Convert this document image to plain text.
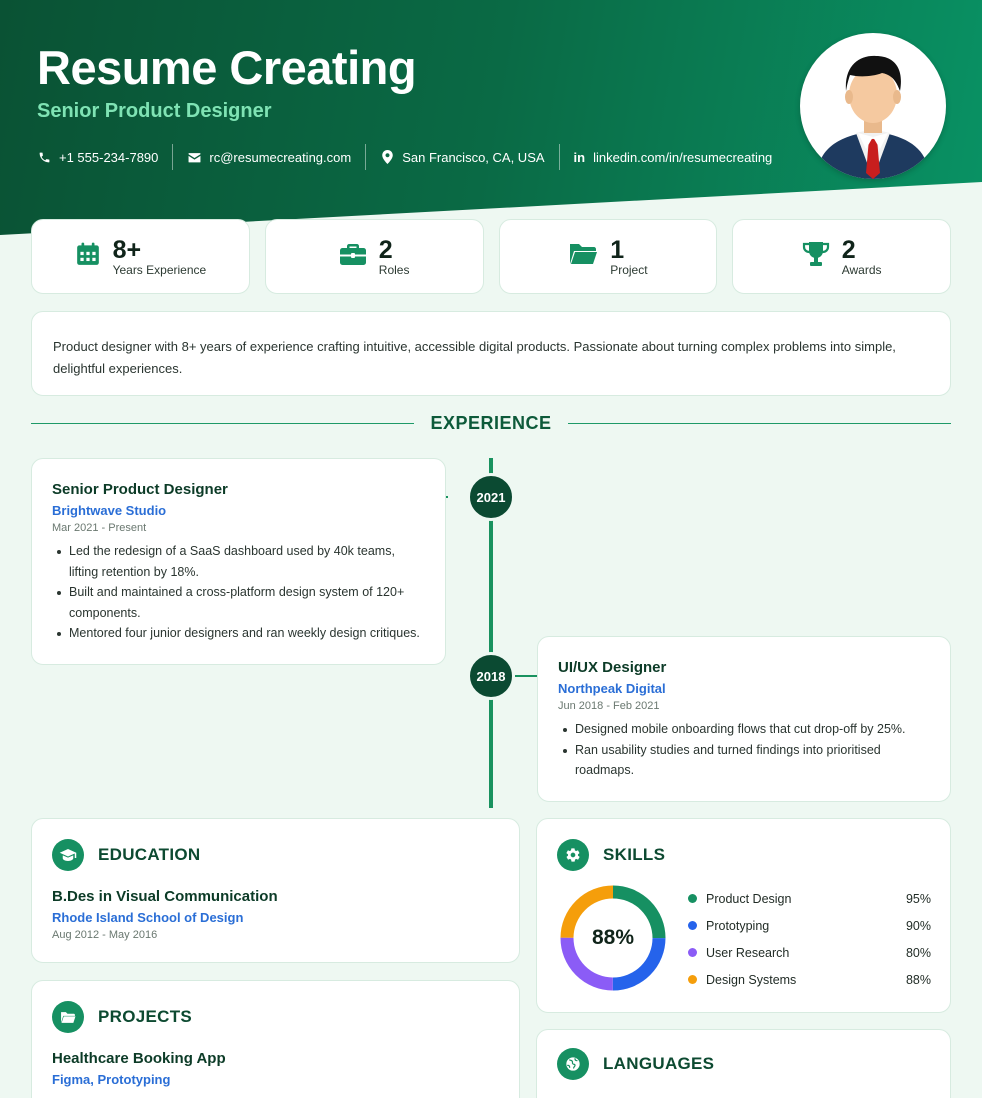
Resume Creating
Senior Product Designer
+1 555-234-7890	rc@resumecreating.com	San Francisco, CA, USA in linkedin.com/in/resumecreating
8+
Years Experience
2
Roles
1
Project
2
Awards
Product designer with 8+ years of experience crafting intuitive, accessible digital products. Passionate about turning complex problems into simple, delightful experiences.
EXPERIENCE
2021
2018
Senior Product Designer
Brightwave Studio
Mar 2021 - Present
Led the redesign of a SaaS dashboard used by 40k teams, lifting retention by 18%.
Built and maintained a cross-platform design system of 120+ components.
Mentored four junior designers and ran weekly design critiques.
UI/UX Designer
Northpeak Digital
Jun 2018 - Feb 2021
Designed mobile onboarding flows that cut drop-off by 25%.
Ran usability studies and turned findings into prioritised roadmaps.
EDUCATION
B.Des in Visual Communication
Rhode Island School of Design
Aug 2012 - May 2016
PROJECTS
Healthcare Booking App
Figma, Prototyping
SKILLS
88%
Product Design	95%
Prototyping	90%
User Research	80%
Design Systems	88%
LANGUAGES
